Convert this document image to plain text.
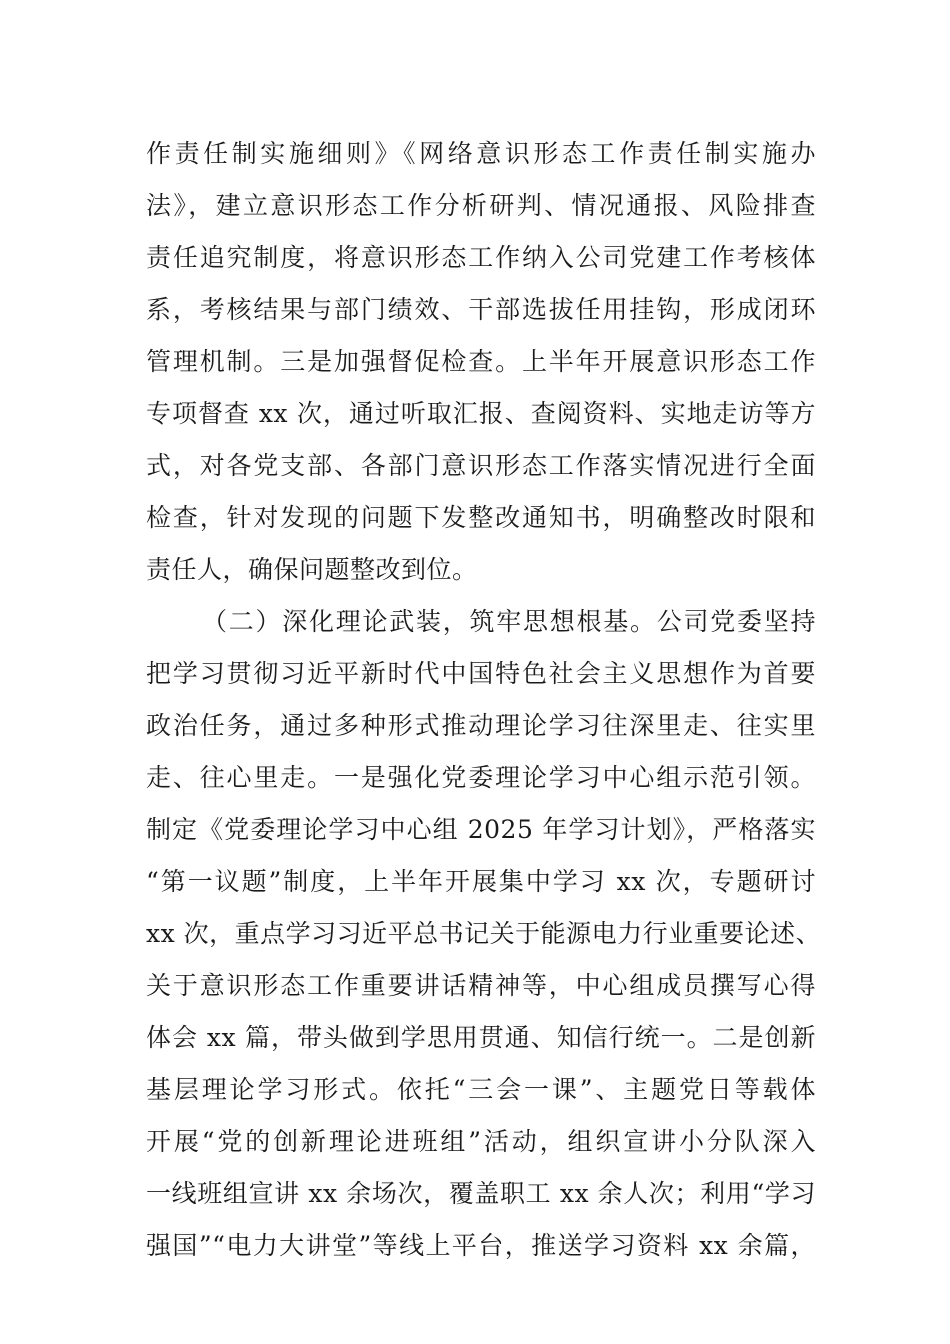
作责任制实施细则》《网络意识形态工作责任制实施办
法》，建立意识形态工作分析研判、情况通报、风险排查
责任追究制度，将意识形态工作纳入公司党建工作考核体
系，考核结果与部门绩效、干部选拔任用挂钩，形成闭环
管理机制。三是加强督促检查。上半年开展意识形态工作
专项督查 xx 次，通过听取汇报、查阅资料、实地走访等方
式，对各党支部、各部门意识形态工作落实情况进行全面
检查，针对发现的问题下发整改通知书，明确整改时限和
责任人，确保问题整改到位。
（二）深化理论武装，筑牢思想根基。公司党委坚持
把学习贯彻习近平新时代中国特色社会主义思想作为首要
政治任务，通过多种形式推动理论学习往深里走、往实里
走、往心里走。一是强化党委理论学习中心组示范引领。
制定《党委理论学习中心组 2025 年学习计划》，严格落实
“第一议题”制度，上半年开展集中学习 xx 次，专题研讨
xx 次，重点学习习近平总书记关于能源电力行业重要论述、
关于意识形态工作重要讲话精神等，中心组成员撰写心得
体会 xx 篇，带头做到学思用贯通、知信行统一。二是创新
基层理论学习形式。依托“三会一课”、主题党日等载体
开展“党的创新理论进班组”活动，组织宣讲小分队深入
一线班组宣讲 xx 余场次，覆盖职工 xx 余人次；利用“学习
强国”“电力大讲堂”等线上平台，推送学习资料 xx 余篇，
